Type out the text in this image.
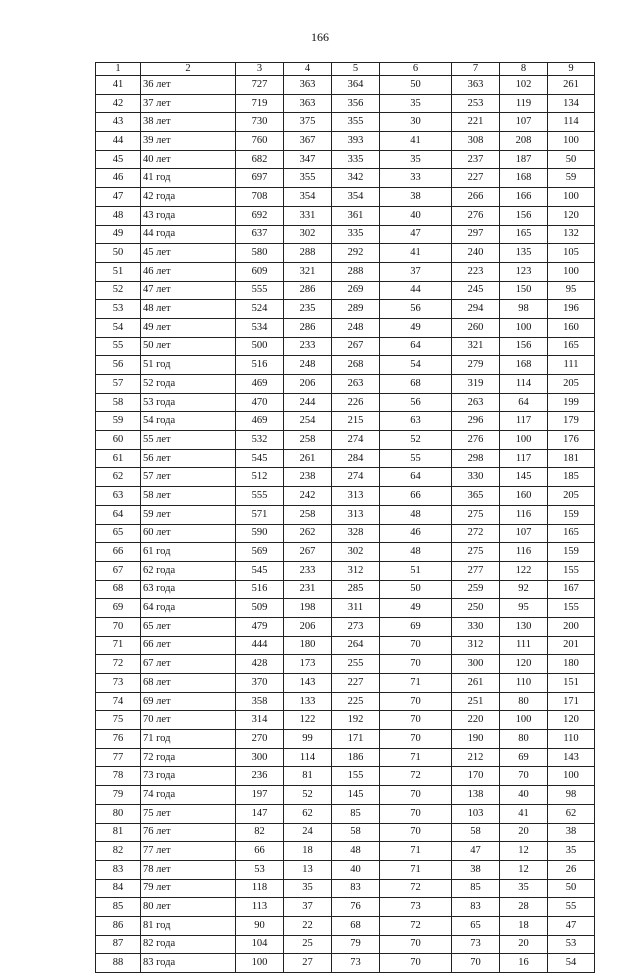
166
1	2	3	4	5	6	7	8	9
41	36 лет	727	363	364	50	363	102	261
42	37 лет	719	363	356	35	253	119	134
43	38 лет	730	375	355	30	221	107	114
44	39 лет	760	367	393	41	308	208	100
45	40 лет	682	347	335	35	237	187	50
46	41 год	697	355	342	33	227	168	59
47	42 года	708	354	354	38	266	166	100
48	43 года	692	331	361	40	276	156	120
49	44 года	637	302	335	47	297	165	132
50	45 лет	580	288	292	41	240	135	105
51	46 лет	609	321	288	37	223	123	100
52	47 лет	555	286	269	44	245	150	95
53	48 лет	524	235	289	56	294	98	196
54	49 лет	534	286	248	49	260	100	160
55	50 лет	500	233	267	64	321	156	165
56	51 год	516	248	268	54	279	168	111
57	52 года	469	206	263	68	319	114	205
58	53 года	470	244	226	56	263	64	199
59	54 года	469	254	215	63	296	117	179
60	55 лет	532	258	274	52	276	100	176
61	56 лет	545	261	284	55	298	117	181
62	57 лет	512	238	274	64	330	145	185
63	58 лет	555	242	313	66	365	160	205
64	59 лет	571	258	313	48	275	116	159
65	60 лет	590	262	328	46	272	107	165
66	61 год	569	267	302	48	275	116	159
67	62 года	545	233	312	51	277	122	155
68	63 года	516	231	285	50	259	92	167
69	64 года	509	198	311	49	250	95	155
70	65 лет	479	206	273	69	330	130	200
71	66 лет	444	180	264	70	312	111	201
72	67 лет	428	173	255	70	300	120	180
73	68 лет	370	143	227	71	261	110	151
74	69 лет	358	133	225	70	251	80	171
75	70 лет	314	122	192	70	220	100	120
76	71 год	270	99	171	70	190	80	110
77	72 года	300	114	186	71	212	69	143
78	73 года	236	81	155	72	170	70	100
79	74 года	197	52	145	70	138	40	98
80	75 лет	147	62	85	70	103	41	62
81	76 лет	82	24	58	70	58	20	38
82	77 лет	66	18	48	71	47	12	35
83	78 лет	53	13	40	71	38	12	26
84	79 лет	118	35	83	72	85	35	50
85	80 лет	113	37	76	73	83	28	55
86	81 год	90	22	68	72	65	18	47
87	82 года	104	25	79	70	73	20	53
88	83 года	100	27	73	70	70	16	54
